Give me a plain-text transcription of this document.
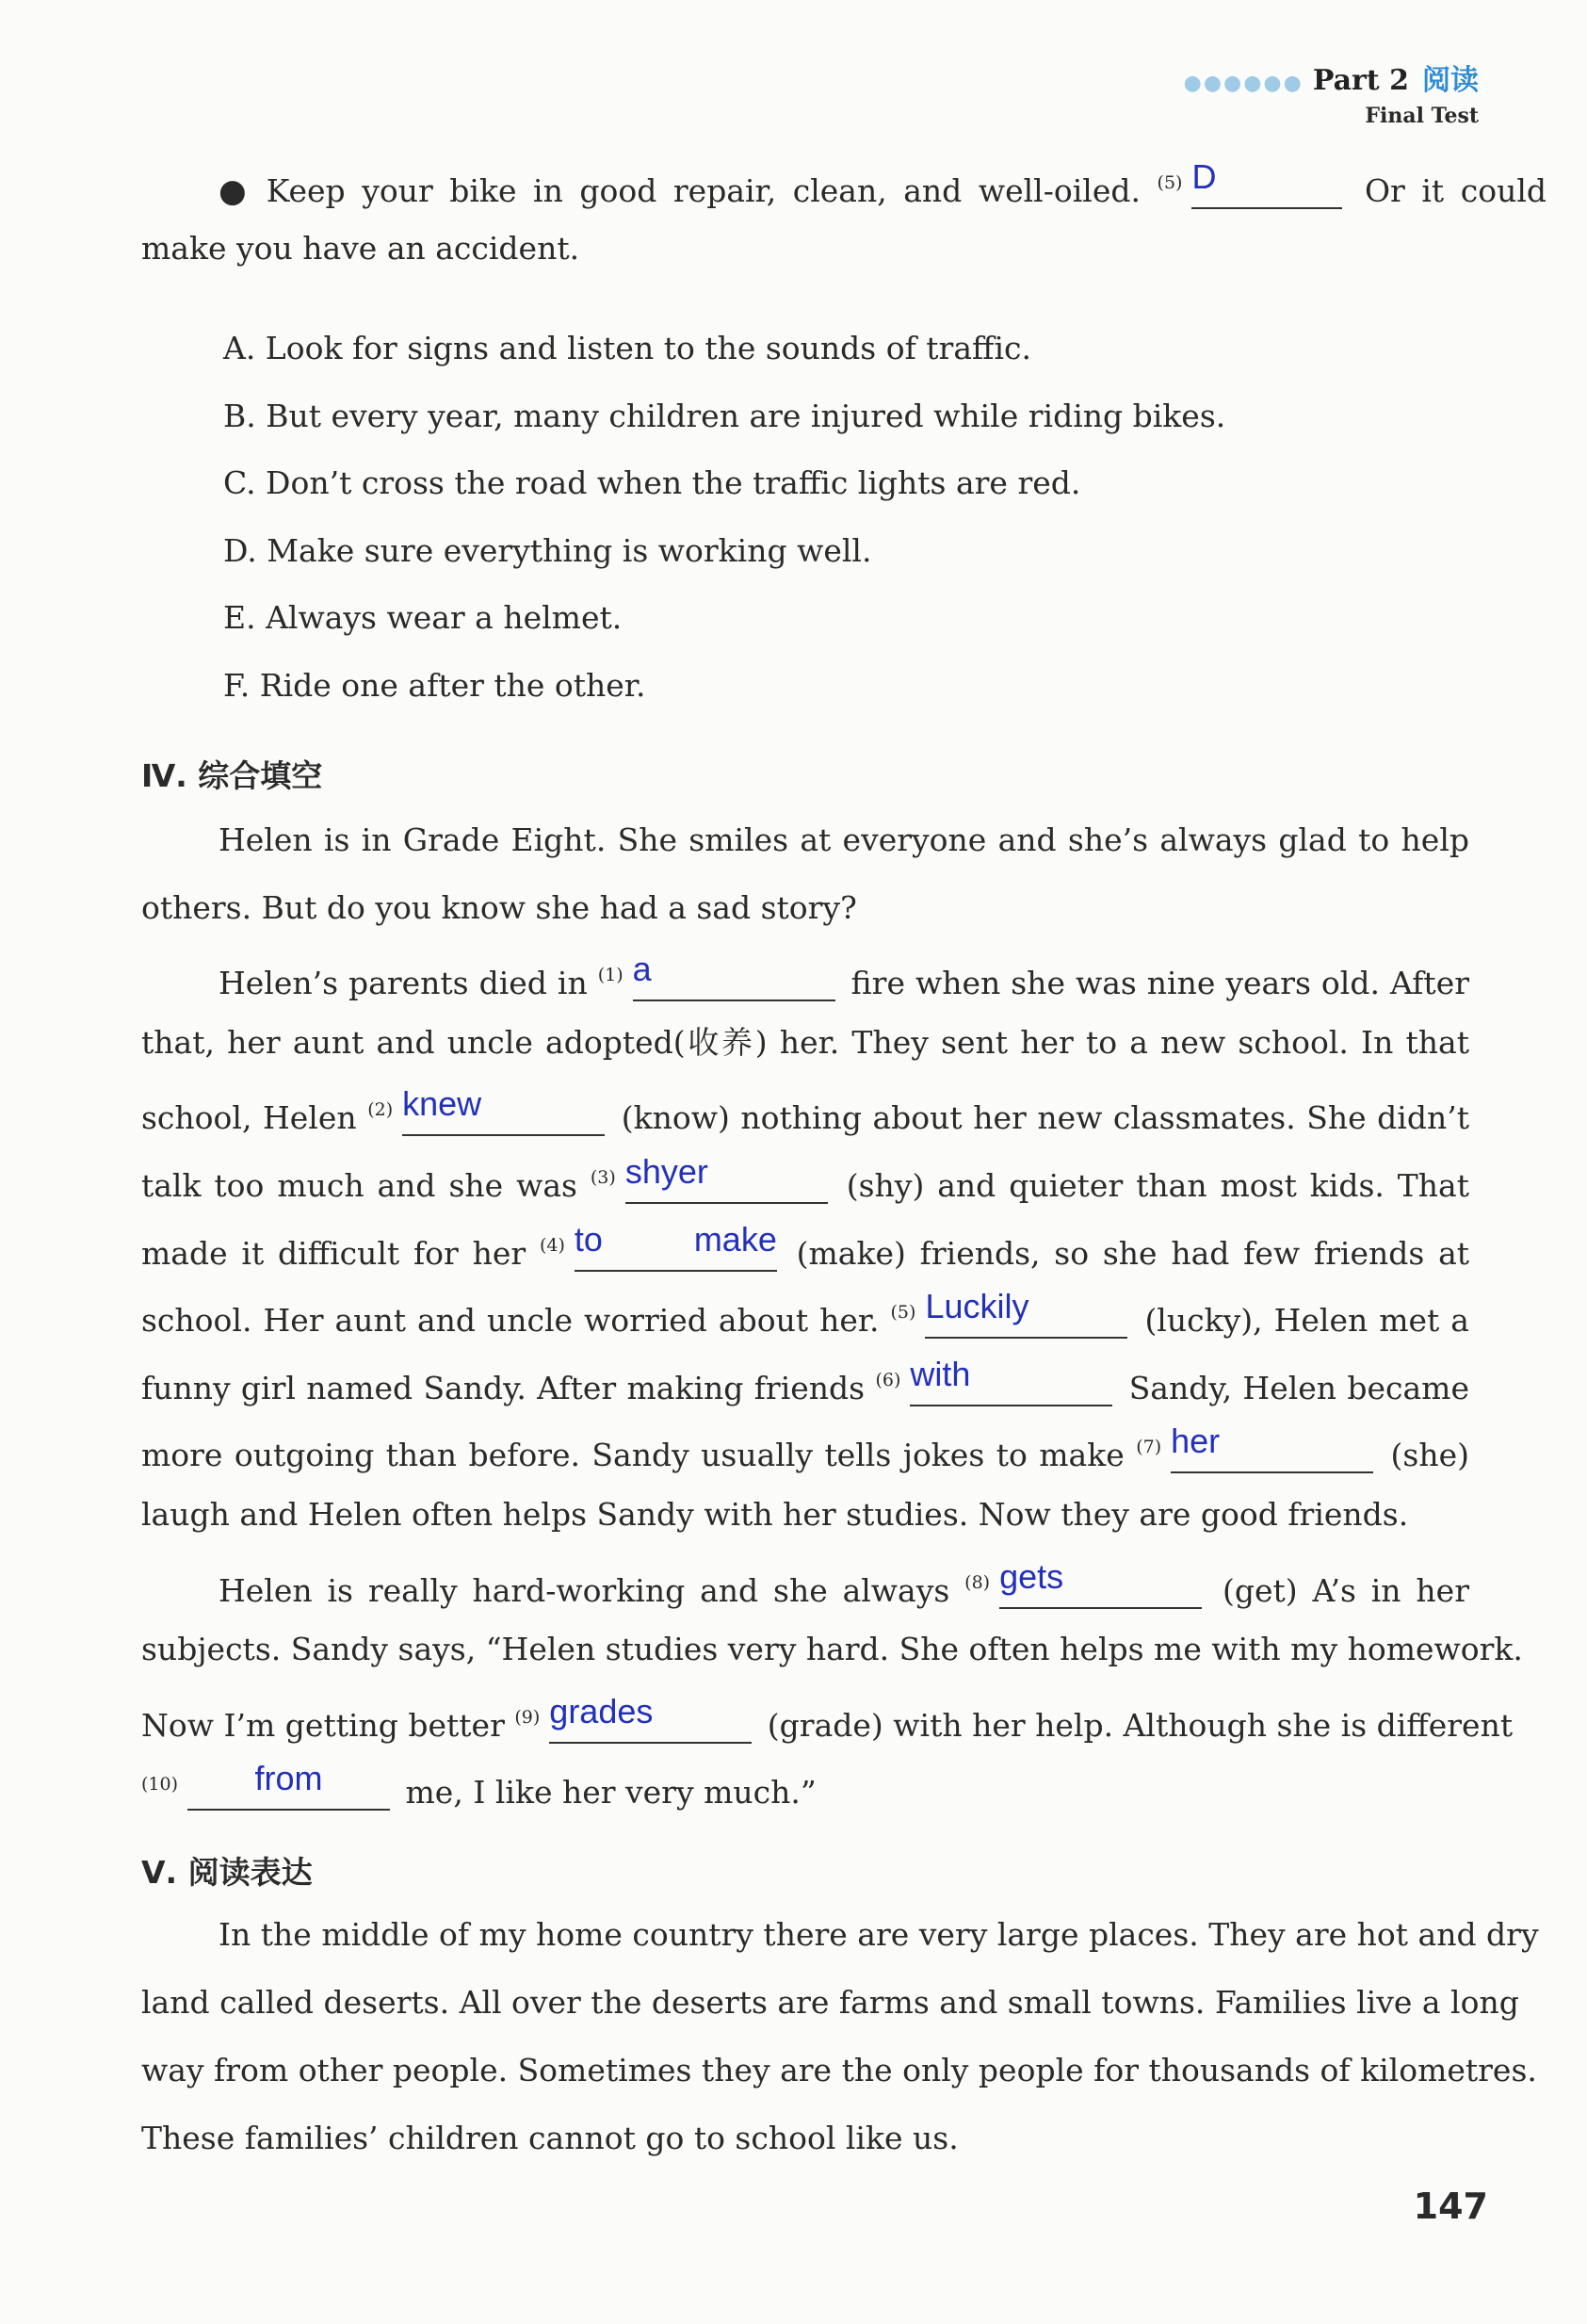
●●●●●● Part 2 阅读
Final Test
● Keep your bike in good repair, clean, and well-oiled. $^{(5)}$ D	Or it could
make you have an accident.
A. Look for signs and listen to the sounds of traffic.
B. But every year, many children are injured while riding bikes.
C. Don’t cross the road when the traffic lights are red.
D. Make sure everything is working well.
E. Always wear a helmet.
F. Ride one after the other.
Ⅳ. 综合填空
Helen is in Grade Eight. She smiles at everyone and she’s always glad to help
others. But do you know she had a sad story?
Helen’s parents died in $^{(1)}$ a	fire when she was nine years old. After
that, her aunt and uncle adopted(收养) her. They sent her to a new school. In that
school, Helen $^{(2)}$ knew	(know) nothing about her new classmates. She didn’t
talk too much and she was $^{(3)}$ shyer	(shy) and quieter than most kids. That
made it difficult for her $^{(4)}$ to make (make) friends, so she had few friends at
school. Her aunt and uncle worried about her. $^{(5)}$ Luckily	(lucky), Helen met a
funny girl named Sandy. After making friends $^{(6)}$ with	Sandy, Helen became
more outgoing than before. Sandy usually tells jokes to make $^{(7)}$ her	(she)
laugh and Helen often helps Sandy with her studies. Now they are good friends.
Helen is really hard-working and she always $^{(8)}$ gets	(get) A’s in her
subjects. Sandy says, “Helen studies very hard. She often helps me with my homework.
Now I’m getting better $^{(9)}$ grades	(grade) with her help. Although she is different
$^{(10)}$	from	me, I like her very much.”
Ⅴ. 阅读表达
In the middle of my home country there are very large places. They are hot and dry
land called deserts. All over the deserts are farms and small towns. Families live a long
way from other people. Sometimes they are the only people for thousands of kilometres.
These families’ children cannot go to school like us.
147
